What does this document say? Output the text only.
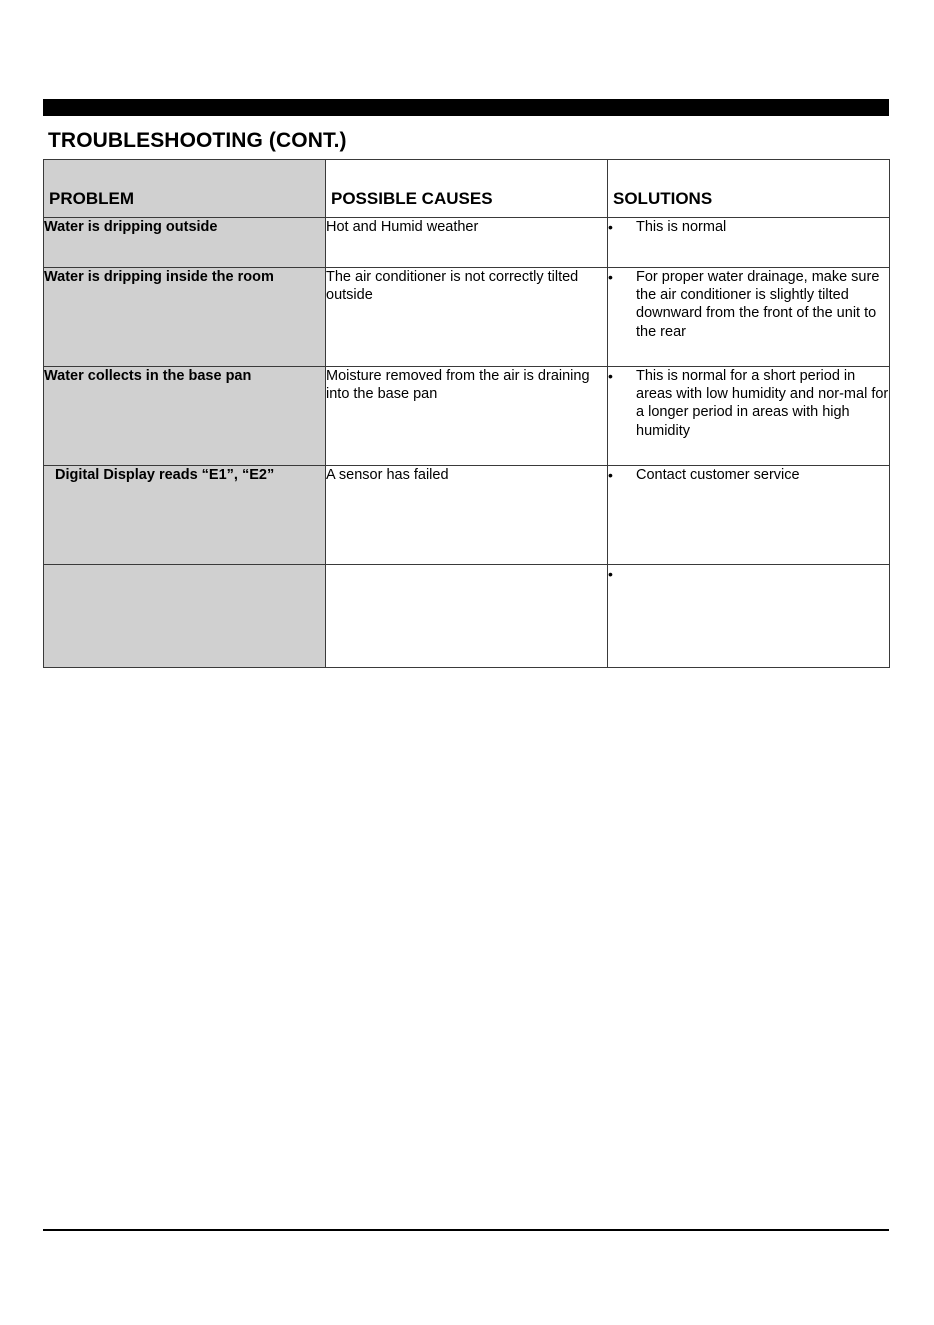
TROUBLESHOOTING (CONT.)
PROBLEM	POSSIBLE CAUSES	SOLUTIONS
Water is dripping outside	Hot and Humid weather	• This is normal

Water is dripping inside the room	The air conditioner is not correctly tilted outside	• For proper water drainage, make sure the air conditioner is slightly tilted downward from the front of the unit to the rear

Water collects in the base pan	Moisture removed from the air is draining into the base pan	• This is normal for a short period in areas with low humidity and nor-mal for a longer period in areas with high humidity

Digital Display reads “E1”, “E2”	A sensor has failed	• Contact customer service

		•
